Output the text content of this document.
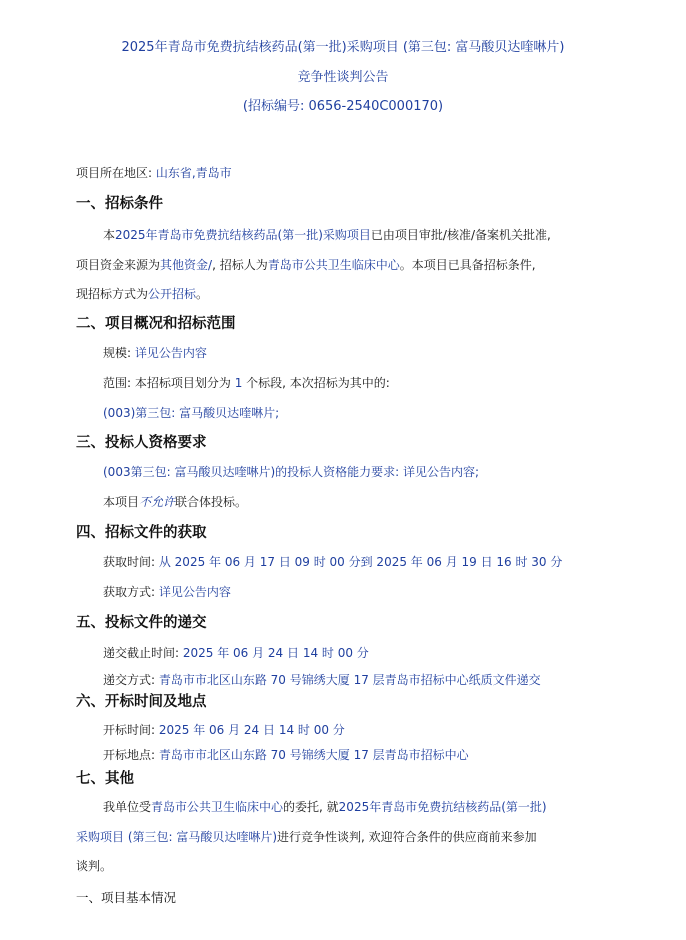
2025年青岛市免费抗结核药品(第一批)采购项目 (第三包: 富马酸贝达喹啉片)
竞争性谈判公告
(招标编号: 0656-2540C000170)
项目所在地区: 山东省,青岛市
一、招标条件
本2025年青岛市免费抗结核药品(第一批)采购项目已由项目审批/核准/备案机关批准,
项目资金来源为其他资金/, 招标人为青岛市公共卫生临床中心。本项目已具备招标条件,
现招标方式为公开招标。
二、项目概况和招标范围
规模: 详见公告内容
范围: 本招标项目划分为 1 个标段, 本次招标为其中的:
(003)第三包: 富马酸贝达喹啉片;
三、投标人资格要求
(003第三包: 富马酸贝达喹啉片)的投标人资格能力要求: 详见公告内容;
本项目不允许联合体投标。
四、招标文件的获取
获取时间: 从 2025 年 06 月 17 日 09 时 00 分到 2025 年 06 月 19 日 16 时 30 分
获取方式: 详见公告内容
五、投标文件的递交
递交截止时间: 2025 年 06 月 24 日 14 时 00 分
递交方式: 青岛市市北区山东路 70 号锦绣大厦 17 层青岛市招标中心纸质文件递交
六、开标时间及地点
开标时间: 2025 年 06 月 24 日 14 时 00 分
开标地点: 青岛市市北区山东路 70 号锦绣大厦 17 层青岛市招标中心
七、其他
我单位受青岛市公共卫生临床中心的委托, 就2025年青岛市免费抗结核药品(第一批)
采购项目 (第三包: 富马酸贝达喹啉片)进行竞争性谈判, 欢迎符合条件的供应商前来参加
谈判。
一、项目基本情况
